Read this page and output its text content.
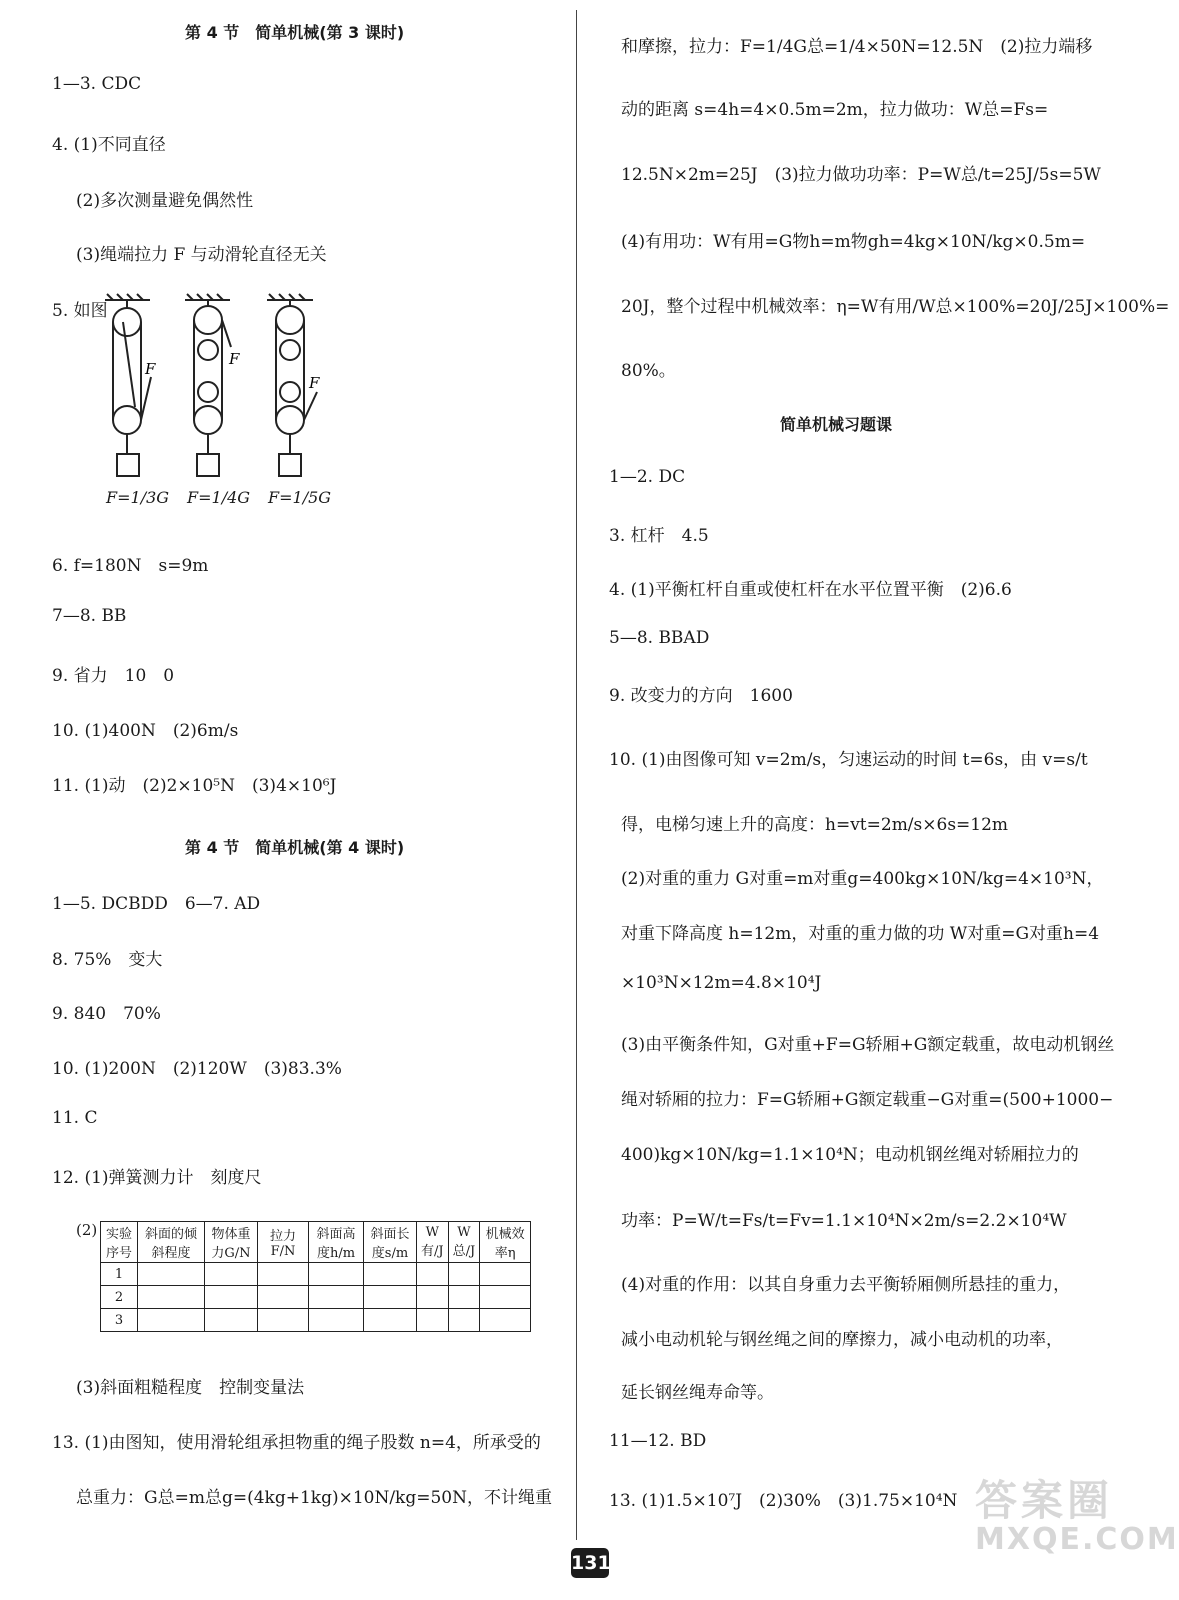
第 4 节　简单机械(第 3 课时)
1—3. CDC
4. (1)不同直径
(2)多次测量避免偶然性
(3)绳端拉力 F 与动滑轮直径无关
5. 如图
F
F
F
F=1/3G F=1/4G F=1/5G
6. f=180N　s=9m
7—8. BB
9. 省力　10　0
10. (1)400N　(2)6m/s
11. (1)动　(2)2×10⁵N　(3)4×10⁶J
第 4 节　简单机械(第 4 课时)
1—5. DCBDD　6—7. AD
8. 75%　变大
9. 840　70%
10. (1)200N　(2)120W　(3)83.3%
11. C
12. (1)弹簧测力计　刻度尺
(2) 实验序号	斜面的倾斜程度	物体重力G/N	拉力F/N	斜面高度h/m	斜面长度s/m	W有/J	W总/J	机械效率η
1								
2								
3								
(3)斜面粗糙程度　控制变量法
13. (1)由图知，使用滑轮组承担物重的绳子股数 n=4，所承受的
总重力：G总=m总g=(4kg+1kg)×10N/kg=50N，不计绳重
和摩擦，拉力：F=1/4G总=1/4×50N=12.5N　(2)拉力端移
动的距离 s=4h=4×0.5m=2m，拉力做功：W总=Fs=
12.5N×2m=25J　(3)拉力做功功率：P=W总/t=25J/5s=5W
(4)有用功：W有用=G物h=m物gh=4kg×10N/kg×0.5m=
20J，整个过程中机械效率：η=W有用/W总×100%=20J/25J×100%=
80%。
简单机械习题课
1—2. DC
3. 杠杆　4.5
4. (1)平衡杠杆自重或使杠杆在水平位置平衡　(2)6.6
5—8. BBAD
9. 改变力的方向　1600
10. (1)由图像可知 v=2m/s，匀速运动的时间 t=6s，由 v=s/t
得，电梯匀速上升的高度：h=vt=2m/s×6s=12m
(2)对重的重力 G对重=m对重g=400kg×10N/kg=4×10³N，
对重下降高度 h=12m，对重的重力做的功 W对重=G对重h=4
×10³N×12m=4.8×10⁴J
(3)由平衡条件知，G对重+F=G轿厢+G额定载重，故电动机钢丝
绳对轿厢的拉力：F=G轿厢+G额定载重−G对重=(500+1000−
400)kg×10N/kg=1.1×10⁴N；电动机钢丝绳对轿厢拉力的
功率：P=W/t=Fs/t=Fv=1.1×10⁴N×2m/s=2.2×10⁴W
(4)对重的作用：以其自身重力去平衡轿厢侧所悬挂的重力，
减小电动机轮与钢丝绳之间的摩擦力，减小电动机的功率，
延长钢丝绳寿命等。
11—12. BD
13. (1)1.5×10⁷J　(2)30%　(3)1.75×10⁴N
131
答案圈
MXQE.COM
